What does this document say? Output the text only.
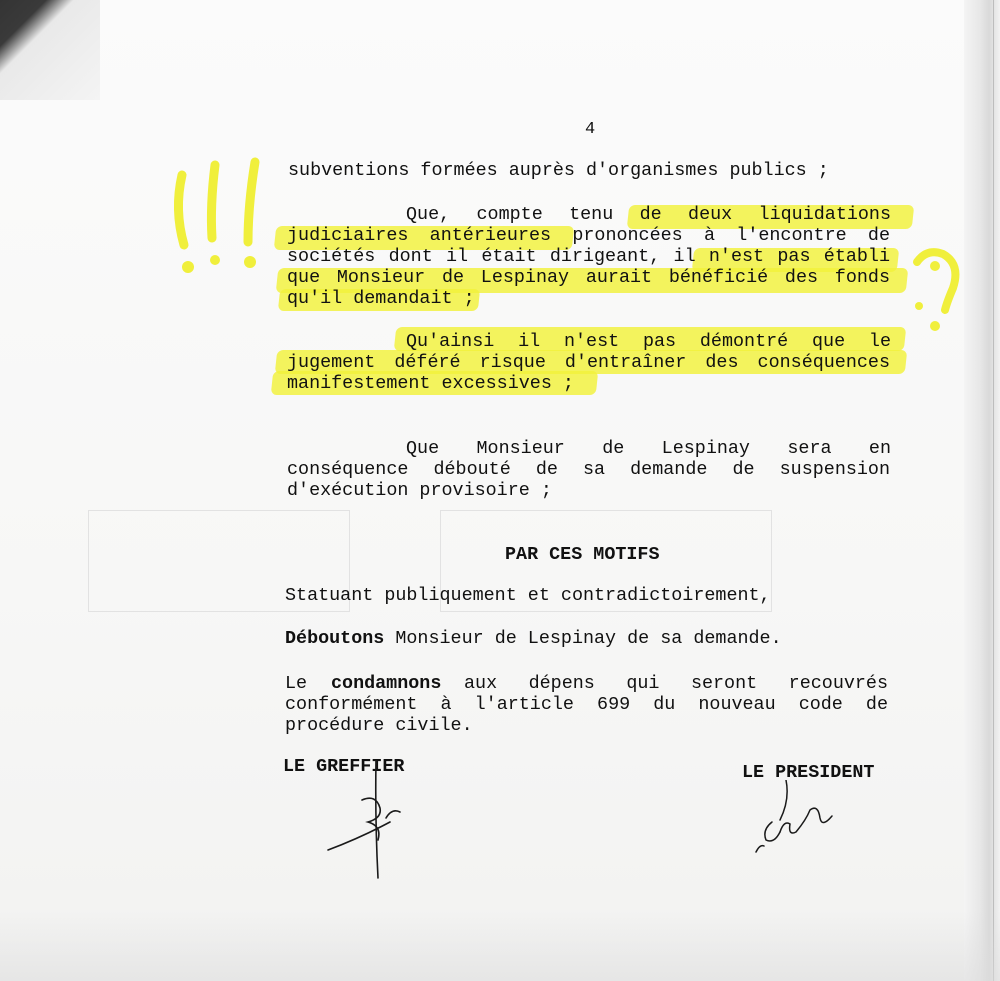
4
subventions formées auprès d'organismes publics ;
Que, compte tenu de deux liquidations
judiciaires antérieures prononcées à l'encontre de
sociétés dont il était dirigeant, il n'est pas établi
que Monsieur de Lespinay aurait bénéficié des fonds
qu'il demandait ;
Qu'ainsi il n'est pas démontré que le
jugement déféré risque d'entraîner des conséquences
manifestement excessives ;
Que Monsieur de Lespinay sera en
conséquence débouté de sa demande de suspension
d'exécution provisoire ;
PAR CES MOTIFS
Statuant publiquement et contradictoirement,
Déboutons Monsieur de Lespinay de sa demande.
Le condamnons aux dépens qui seront recouvrés
conformément à l'article 699 du nouveau code de
procédure civile.
LE GREFFIER	LE PRESIDENT
